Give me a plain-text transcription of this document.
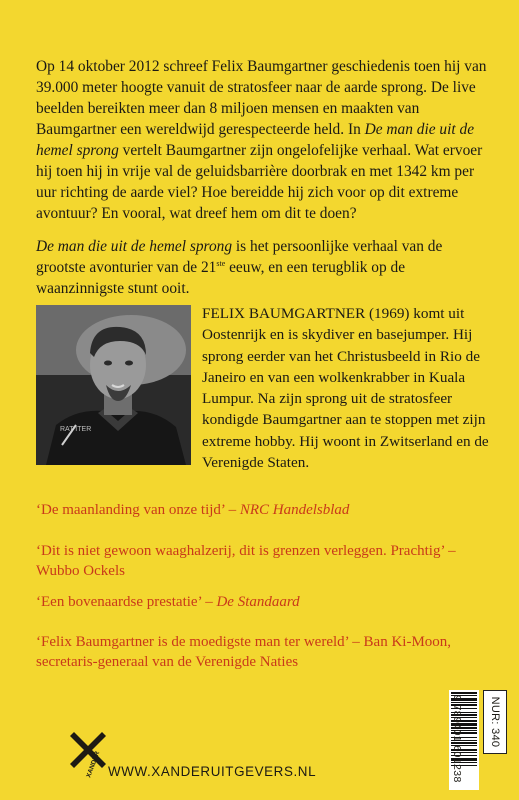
Op 14 oktober 2012 schreef Felix Baumgartner geschiedenis toen hij van 39.000 meter hoogte vanuit de stratosfeer naar de aarde sprong. De live beelden bereikten meer dan 8 miljoen mensen en maakten van Baumgartner een wereldwijd gerespecteerde held. In De man die uit de hemel sprong vertelt Baumgartner zijn ongelofelijke verhaal. Wat ervoer hij toen hij in vrije val de geluidsbarrière doorbrak en met 1342 km per uur richting de aarde viel? Hoe bereidde hij zich voor op dit extreme avontuur? En vooral, wat dreef hem om dit te doen?

De man die uit de hemel sprong is het persoonlijke verhaal van de grootste avonturier van de 21ste eeuw, en een terugblik op de waanzinnigste stunt ooit.

RAT ITER

FELIX BAUMGARTNER (1969) komt uit Oostenrijk en is skydiver en basejumper. Hij sprong eerder van het Christusbeeld in Rio de Janeiro en van een wolkenkrabber in Kuala Lumpur. Na zijn sprong uit de stratosfeer kondigde Baumgartner aan te stoppen met zijn extreme hobby. Hij woont in Zwitserland en de Verenigde Staten.

‘De maanlanding van onze tijd’ – NRC Handelsblad

‘Dit is niet gewoon waaghalzerij, dit is grenzen verleggen. Prachtig’ – Wubbo Ockels

‘Een bovenaardse prestatie’ – De Standaard

‘Felix Baumgartner is de moedigste man ter wereld’ – Ban Ki-Moon, secretaris-generaal van de Verenigde Naties

XANDER WWW.XANDERUITGEVERS.NL
NUR: 340
9 789401 601238
